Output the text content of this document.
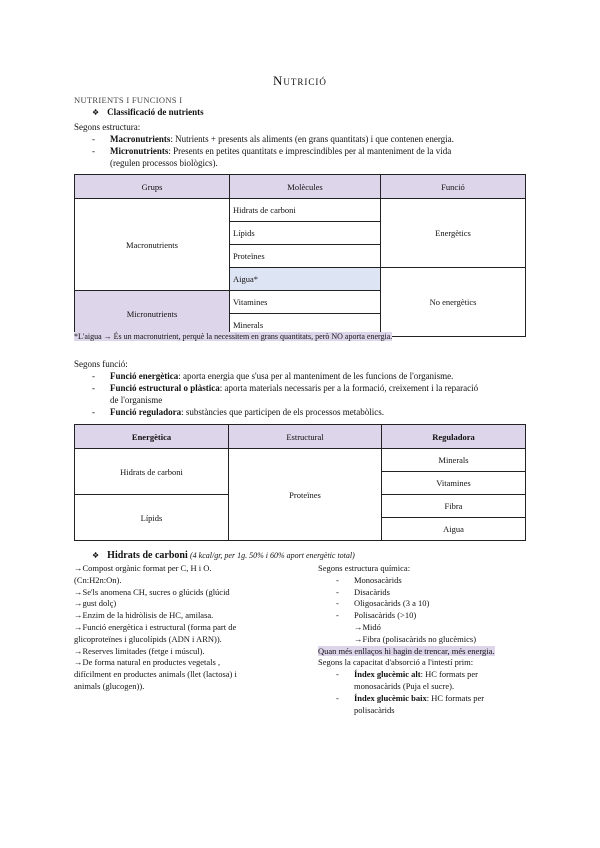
Nutrició
NUTRIENTS I FUNCIONS I
❖ Classificació de nutrients
Segons estructura:
- Macronutrients: Nutrients + presents als aliments (en grans quantitats) i que contenen energia.
- Micronutrients: Presents en petites quantitats e imprescindibles per al manteniment de la vida
(regulen processos biològics).
Grups	Molècules	Funció
Macronutrients	Hidrats de carboni	Energètics
	Lípids	
	Proteïnes	
	Aigua*	No energètics
Micronutrients	Vitamines	
	Minerals	
*L'aigua → És un macronutrient, perquè la necessitem en grans quantitats, però NO aporta energia.
Segons funció:
- Funció energètica: aporta energia que s'usa per al manteniment de les funcions de l'organisme.
- Funció estructural o plàstica: aporta materials necessaris per a la formació, creixement i la reparació
de l'organisme
- Funció reguladora: substàncies que participen de els processos metabòlics.
Energètica	Estructural	Reguladora
Hidrats de carboni	Proteïnes	Minerals
		Vitamines
Lípids		Fibra
		Aigua
❖ Hidrats de carboni (4 kcal/gr, per 1g. 50% i 60% aport energètic total)
→Compost orgànic format per C, H i O.
(Cn:H2n:On).
→Se'ls anomena CH, sucres o glúcids (glúcid
→gust dolç)
→Enzim de la hidròlisis de HC, amilasa.
→Funció energètica i estructural (forma part de
glicoproteïnes i glucolípids (ADN i ARN)).
→Reserves limitades (fetge i múscul).
→De forma natural en productes vegetals ,
difícilment en productes animals (llet (lactosa) i
animals (glucogen)).
Segons estructura química:
- Monosacàrids
- Disacàrids
- Oligosacàrids (3 a 10)
- Polisacàrids (>10)
→Midó
→Fibra (polisacàrids no glucèmics)
Quan més enllaços hi hagin de trencar, més energia.
Segons la capacitat d'absorció a l'intestí prim:
- Índex glucèmic alt: HC formats per
monosacàrids (Puja el sucre).
- Índex glucèmic baix: HC formats per
polisacàrids
